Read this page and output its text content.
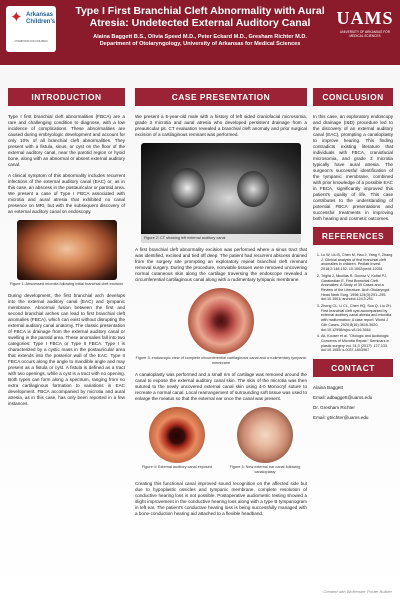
✦ Arkansas
Children's
CHAMPIONS FOR CHILDREN
Type I First Branchial Cleft Abnormality with Aural Atresia: Undetected External Auditory Canal
Alaina Baggett B.S., Olivia Speed M.D., Peter Eckard M.D., Gresham Richter M.D.
Department of Otolaryngology, University of Arkansas for Medical Sciences
UAMS
UNIVERSITY OF ARKANSAS FOR MEDICAL SCIENCES
INTRODUCTION

Type I first branchial cleft abnormalities (FBCA) are a rare and challenging condition to diagnose, with a low incidence of complications. These abnormalities are caused during embryologic development and account for only 10% of all branchial cleft abnormalities. They present with a fistula, sinus, or cyst on the floor of the external auditory canal, near the parotid region or hyoid bone, along with an abnormal or absent external auditory canal.

A clinical symptom of this abnormality includes recurrent infections of the external auditory canal (EAC) or, as in this case, an abscess in the postauricular or parotid area. We present a case of Type I FBCA associated with microtia and aural atresia that exhibited no canal presence on MRI, but with the subsequent discovery of an external auditory canal on endoscopy.

Figure 1: Abscessed microtia following initial branchial cleft excision

During development, the first branchial arch develops into the external auditory canal (EAC) and tympanic membrane. Abnormal fusion between the first and second branchial arches can lead to first branchial cleft anomalies (FBCA), which can exist without disrupting the external auditory canal anatomy. The classic presentation of FBCA is drainage from the external auditory canal or swelling in the parotid area. These anomalies fall into two categories: Type I FBCA or Type II FBCA. Type I is characterized by a cystic mass in the postauricular area that extends into the posterior wall of the EAC. Type II FBCA occurs along the angle to mandible angle and may present as a fistula or cyst. A fistula is defined as a tract with two openings, while a cyst is a tract with no opening. Both types can form along a spectrum, ranging from no extra cartilaginous formation to variations in EAC development. FBCA accompanied by microtia and aural atresia, as in this case, has only been reported in a few instances.

CASE PRESENTATION

We present a 5-year-old male with a history of left sided craniofacial microsomia, grade 3 microtia and aural atresia who developed persistent drainage from a preauricular pit. CT evaluation revealed a branchial cleft anomaly and prior surgical excision of a cartilaginous remnant was performed.

Figure 2: CT showing left external auditory canal

A first branchial cleft abnormality excision was performed where a sinus tract that was identified, excised and tied off deep. The patient had recurrent abscess drained from the surgery site prompting an exploratory repeat branchial cleft remnant removal surgery. During the procedure, nonviable tissues were removed uncovering normal cutaneous skin along the cartilage traversing the endoscope revealed a circumferential cartilaginous canal along with a rudimentary tympanic membrane.

Figure 3: endoscopic view of complete circumferential cartilaginous canal and a rudimentary tympanic membrane

A canaloplasty was performed and a small rim of cartilage was removed around the canal to expose the external auditory canal skin. The skin of the microtia was then sutured to the newly uncovered external canal skin using 4-0 Monocryl suture to recreate a normal canal. Local rearrangement of surrounding soft tissue was used to enlarge the meatus so that the external ear once the canal was present.

Figure 4: External auditory canal exposed	Figure 5: New external ear canal following canaloplasty

Creating this functional canal improved sound recognition on the affected side but due to hypoplastic ossicles and tympanic membrane, complete resolution of conductive hearing loss is not possible. Postoperative audiometric testing showed a slight improvement in the conductive hearing loss along with a type B tympanogram in left ear. The patient's conductive hearing loss is being successfully managed with a bone-conduction hearing aid attached to a flexible headband.

CONCLUSION

In this case, an exploratory endoscopy and drainage (I&D) procedure led to the discovery of an external auditory canal (EAC), prompting a canaloplasty to improve hearing. This finding contradicts existing literature that individuals with FBCA, craniofacial microsomia, and grade 3 microtia typically have aural atresia. The surgeon's successful identification of the tympanic membrane, combined with prior knowledge of a possible EAC in FBCA, significantly improved this patient's quality of life. This case contributes to the understanding of potential FBCA presentations and successful treatments in improving both hearing and cosmetic outcomes.

REFERENCES
1. Lu W, Liu B, Chen M, Hao J, Yang Y, Zhang J. Clinical analysis of first branchial cleft anomalies in children. Pediatr Invest. 2018;2:148-152. 10.1002/ped4.12051
2. Triglia J, Nicollas R, Ducroz V, Koltai PJ, Garabedian E. First Branchial Cleft Anomalies: A Study of 39 Cases and a Review of the Literature. Arch Otolaryngol Head Neck Surg. 1998;124(3):291–295. doi:10.1001/ archotol.124.3.291
3. Zhong CL, Li CL, Chen HQ, Sun Q, Liu ZH. First branchial cleft cyst accompanied by external auditory canal atresia and microtia with malformation: A case report. World J Clin Cases. 2020;8(16):3616-3620. doi:10.12998/wjcc.v8.i16.3616
4. Ali, Kouser et al. "Otologic and Audiologic Concerns of Microtia Repair." Seminars in plastic surgery vol. 31,3 (2017): 127-133. doi:10.1055/ s-0037-1603967
CONTACT

Alaina Baggett

Email: adbaggett@uams.edu

Dr. Gresham Richter

Email: gtrichter@uams.edu

Created with BioRender Poster Builder
